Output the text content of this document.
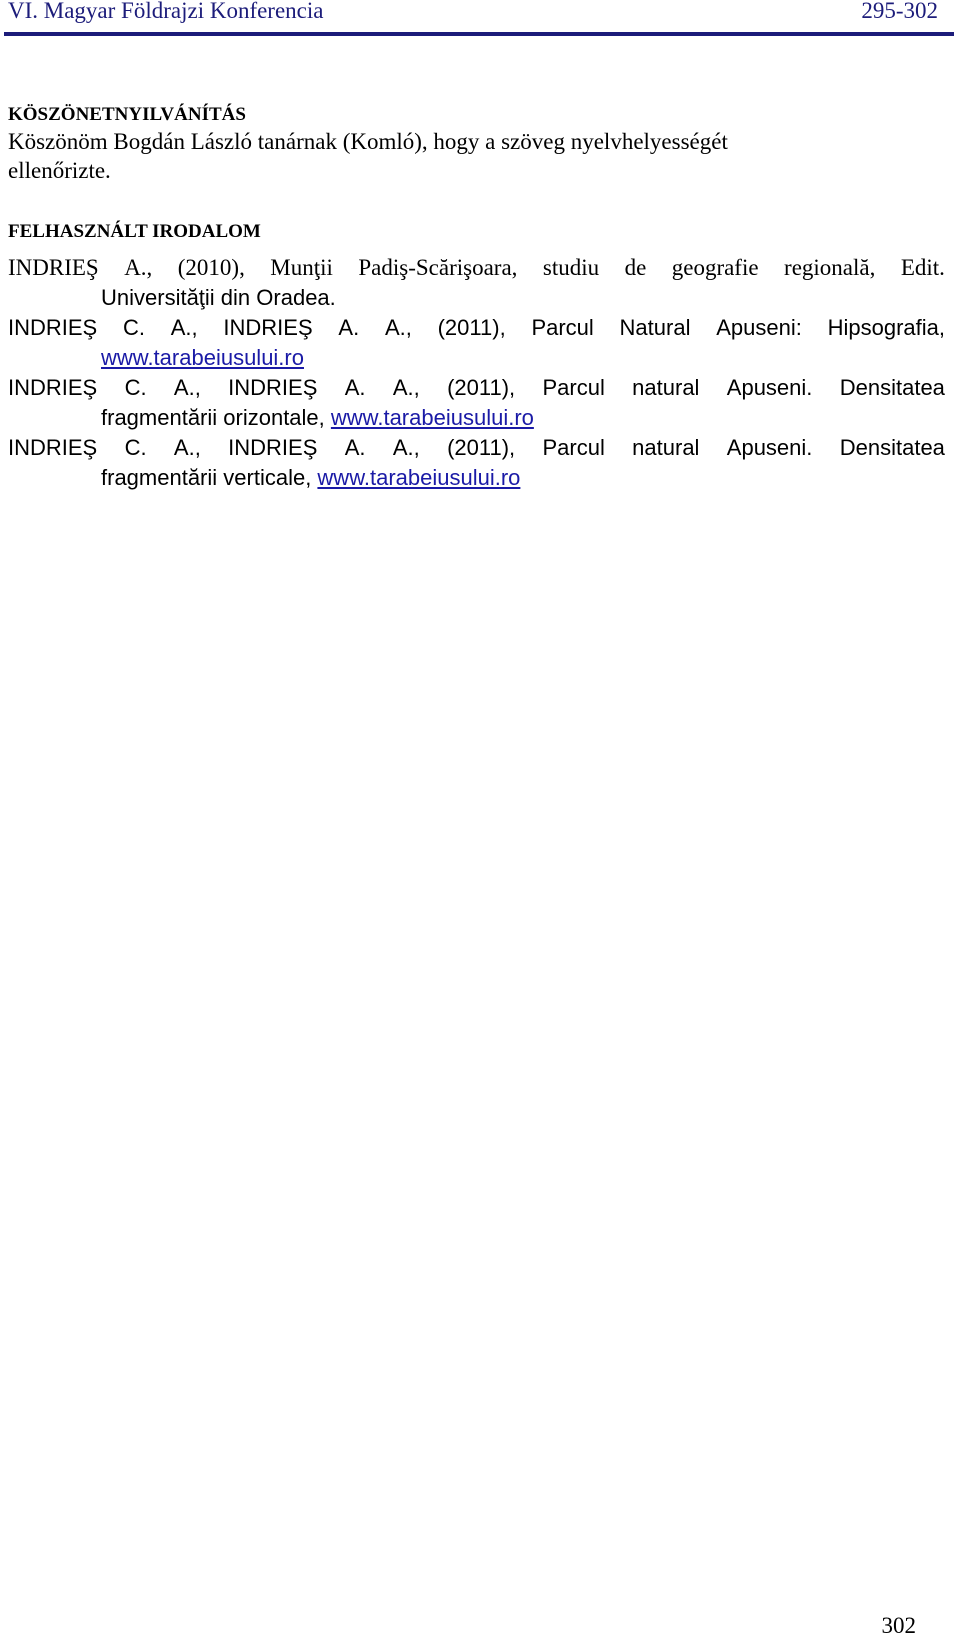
VI. Magyar Földrajzi Konferencia	295-302
KÖSZÖNETNYILVÁNÍTÁS
Köszönöm Bogdán László tanárnak (Komló), hogy a szöveg nyelvhelyességét
ellenőrizte.
FELHASZNÁLT IRODALOM
INDRIEŞ A., (2010), Munţii Padiş-Scărişoara, studiu de geografie regională, Edit.
Universităţii din Oradea.
INDRIEŞ C. A., INDRIEŞ A. A., (2011), Parcul Natural Apuseni: Hipsografia,
www.tarabeiusului.ro
INDRIEŞ C. A., INDRIEŞ A. A., (2011), Parcul natural Apuseni. Densitatea
fragmentării orizontale, www.tarabeiusului.ro
INDRIEŞ C. A., INDRIEŞ A. A., (2011), Parcul natural Apuseni. Densitatea
fragmentării verticale, www.tarabeiusului.ro
302
